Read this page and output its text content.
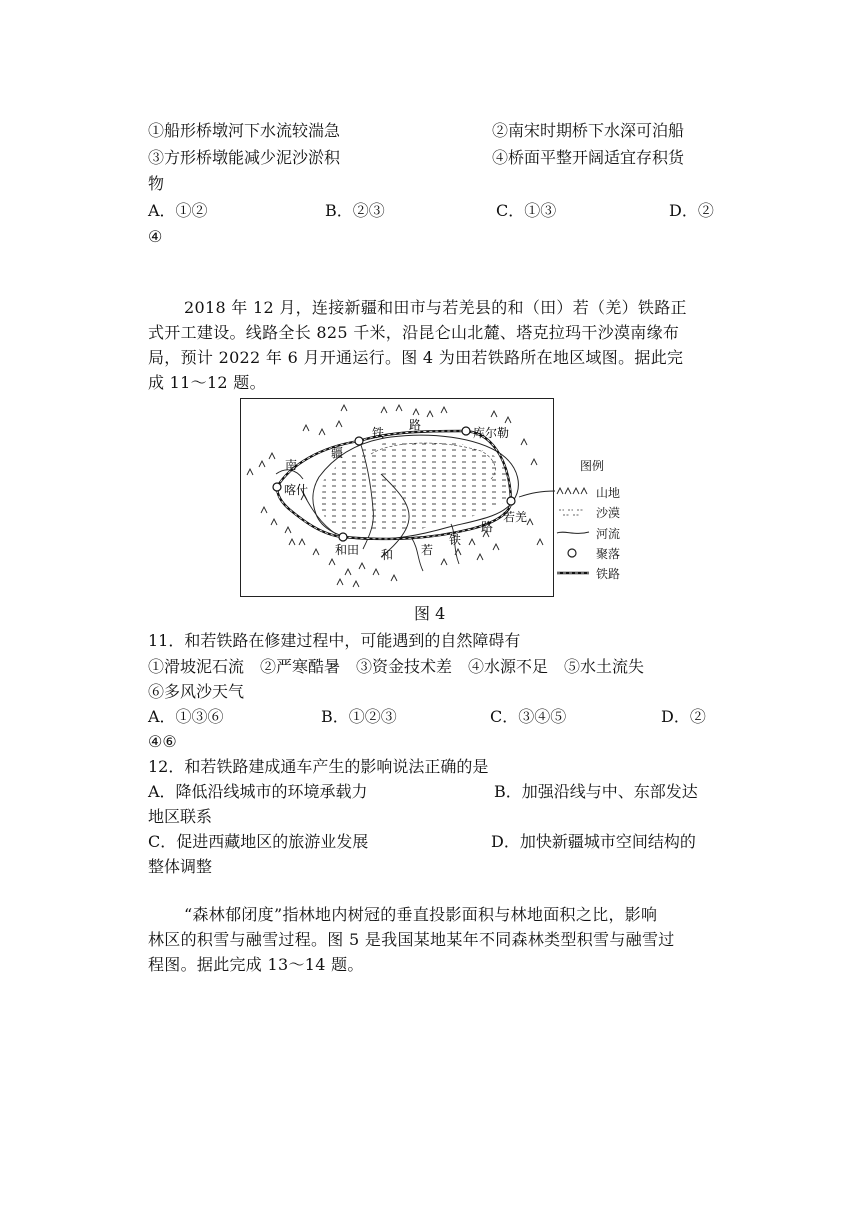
①船形桥墩河下水流较湍急	②南宋时期桥下水深可泊船
③方形桥墩能减少泥沙淤积	④桥面平整开阔适宜存积货
物
A．①②	B．②③	C．①③	D．②
④
2018 年 12 月，连接新疆和田市与若羌县的和（田）若（羌）铁路正
式开工建设。线路全长 825 千米，沿昆仑山北麓、塔克拉玛干沙漠南缘布
局，预计 2022 年 6 月开通运行。图 4 为田若铁路所在地区域图。据此完
成 11～12 题。
铁
路
库尔勒
南
疆
喀什
若羌
路
和田 和 若
铁
图例
山地
沙漠
河流
聚落
铁路
图 4
11．和若铁路在修建过程中，可能遇到的自然障碍有
①滑坡泥石流　②严寒酷暑　③资金技术差　④水源不足　⑤水土流失
⑥多风沙天气
A．①③⑥	B．①②③	C．③④⑤	D．②
④⑥
12．和若铁路建成通车产生的影响说法正确的是
A．降低沿线城市的环境承载力	B．加强沿线与中、东部发达
地区联系
C．促进西藏地区的旅游业发展	D．加快新疆城市空间结构的
整体调整
“森林郁闭度”指林地内树冠的垂直投影面积与林地面积之比，影响
林区的积雪与融雪过程。图 5 是我国某地某年不同森林类型积雪与融雪过
程图。据此完成 13～14 题。
